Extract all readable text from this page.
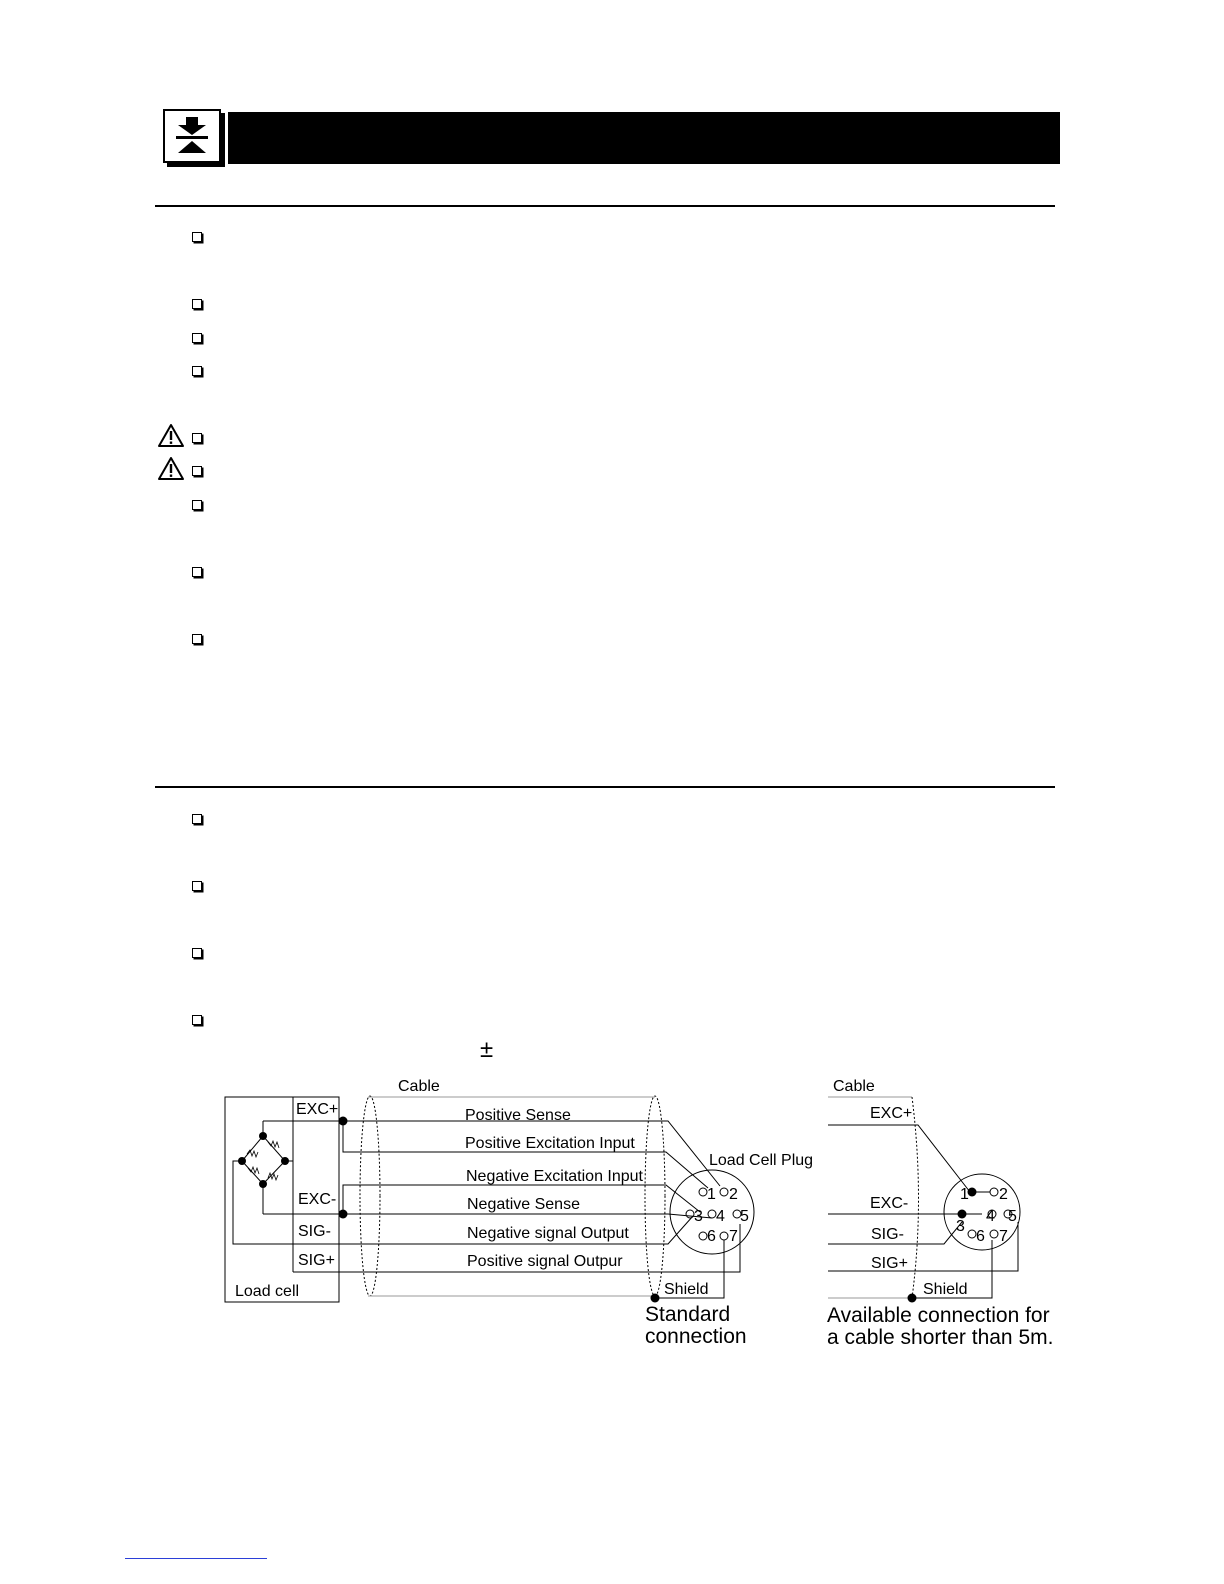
±
Cable
EXC+
EXC-
SIG-
SIG+
Load cell
Positive Sense
Positive Excitation Input
Negative Excitation Input
Negative Sense
Negative signal Output
Positive signal Outpur
Shield
Load Cell Plug
1 2
3 4 5
6 7
Standard
connection
Cable
EXC+
EXC-
SIG-
SIG+
Shield
1 2
3
4 5
6 7
Available connection for
a cable shorter than 5m.
